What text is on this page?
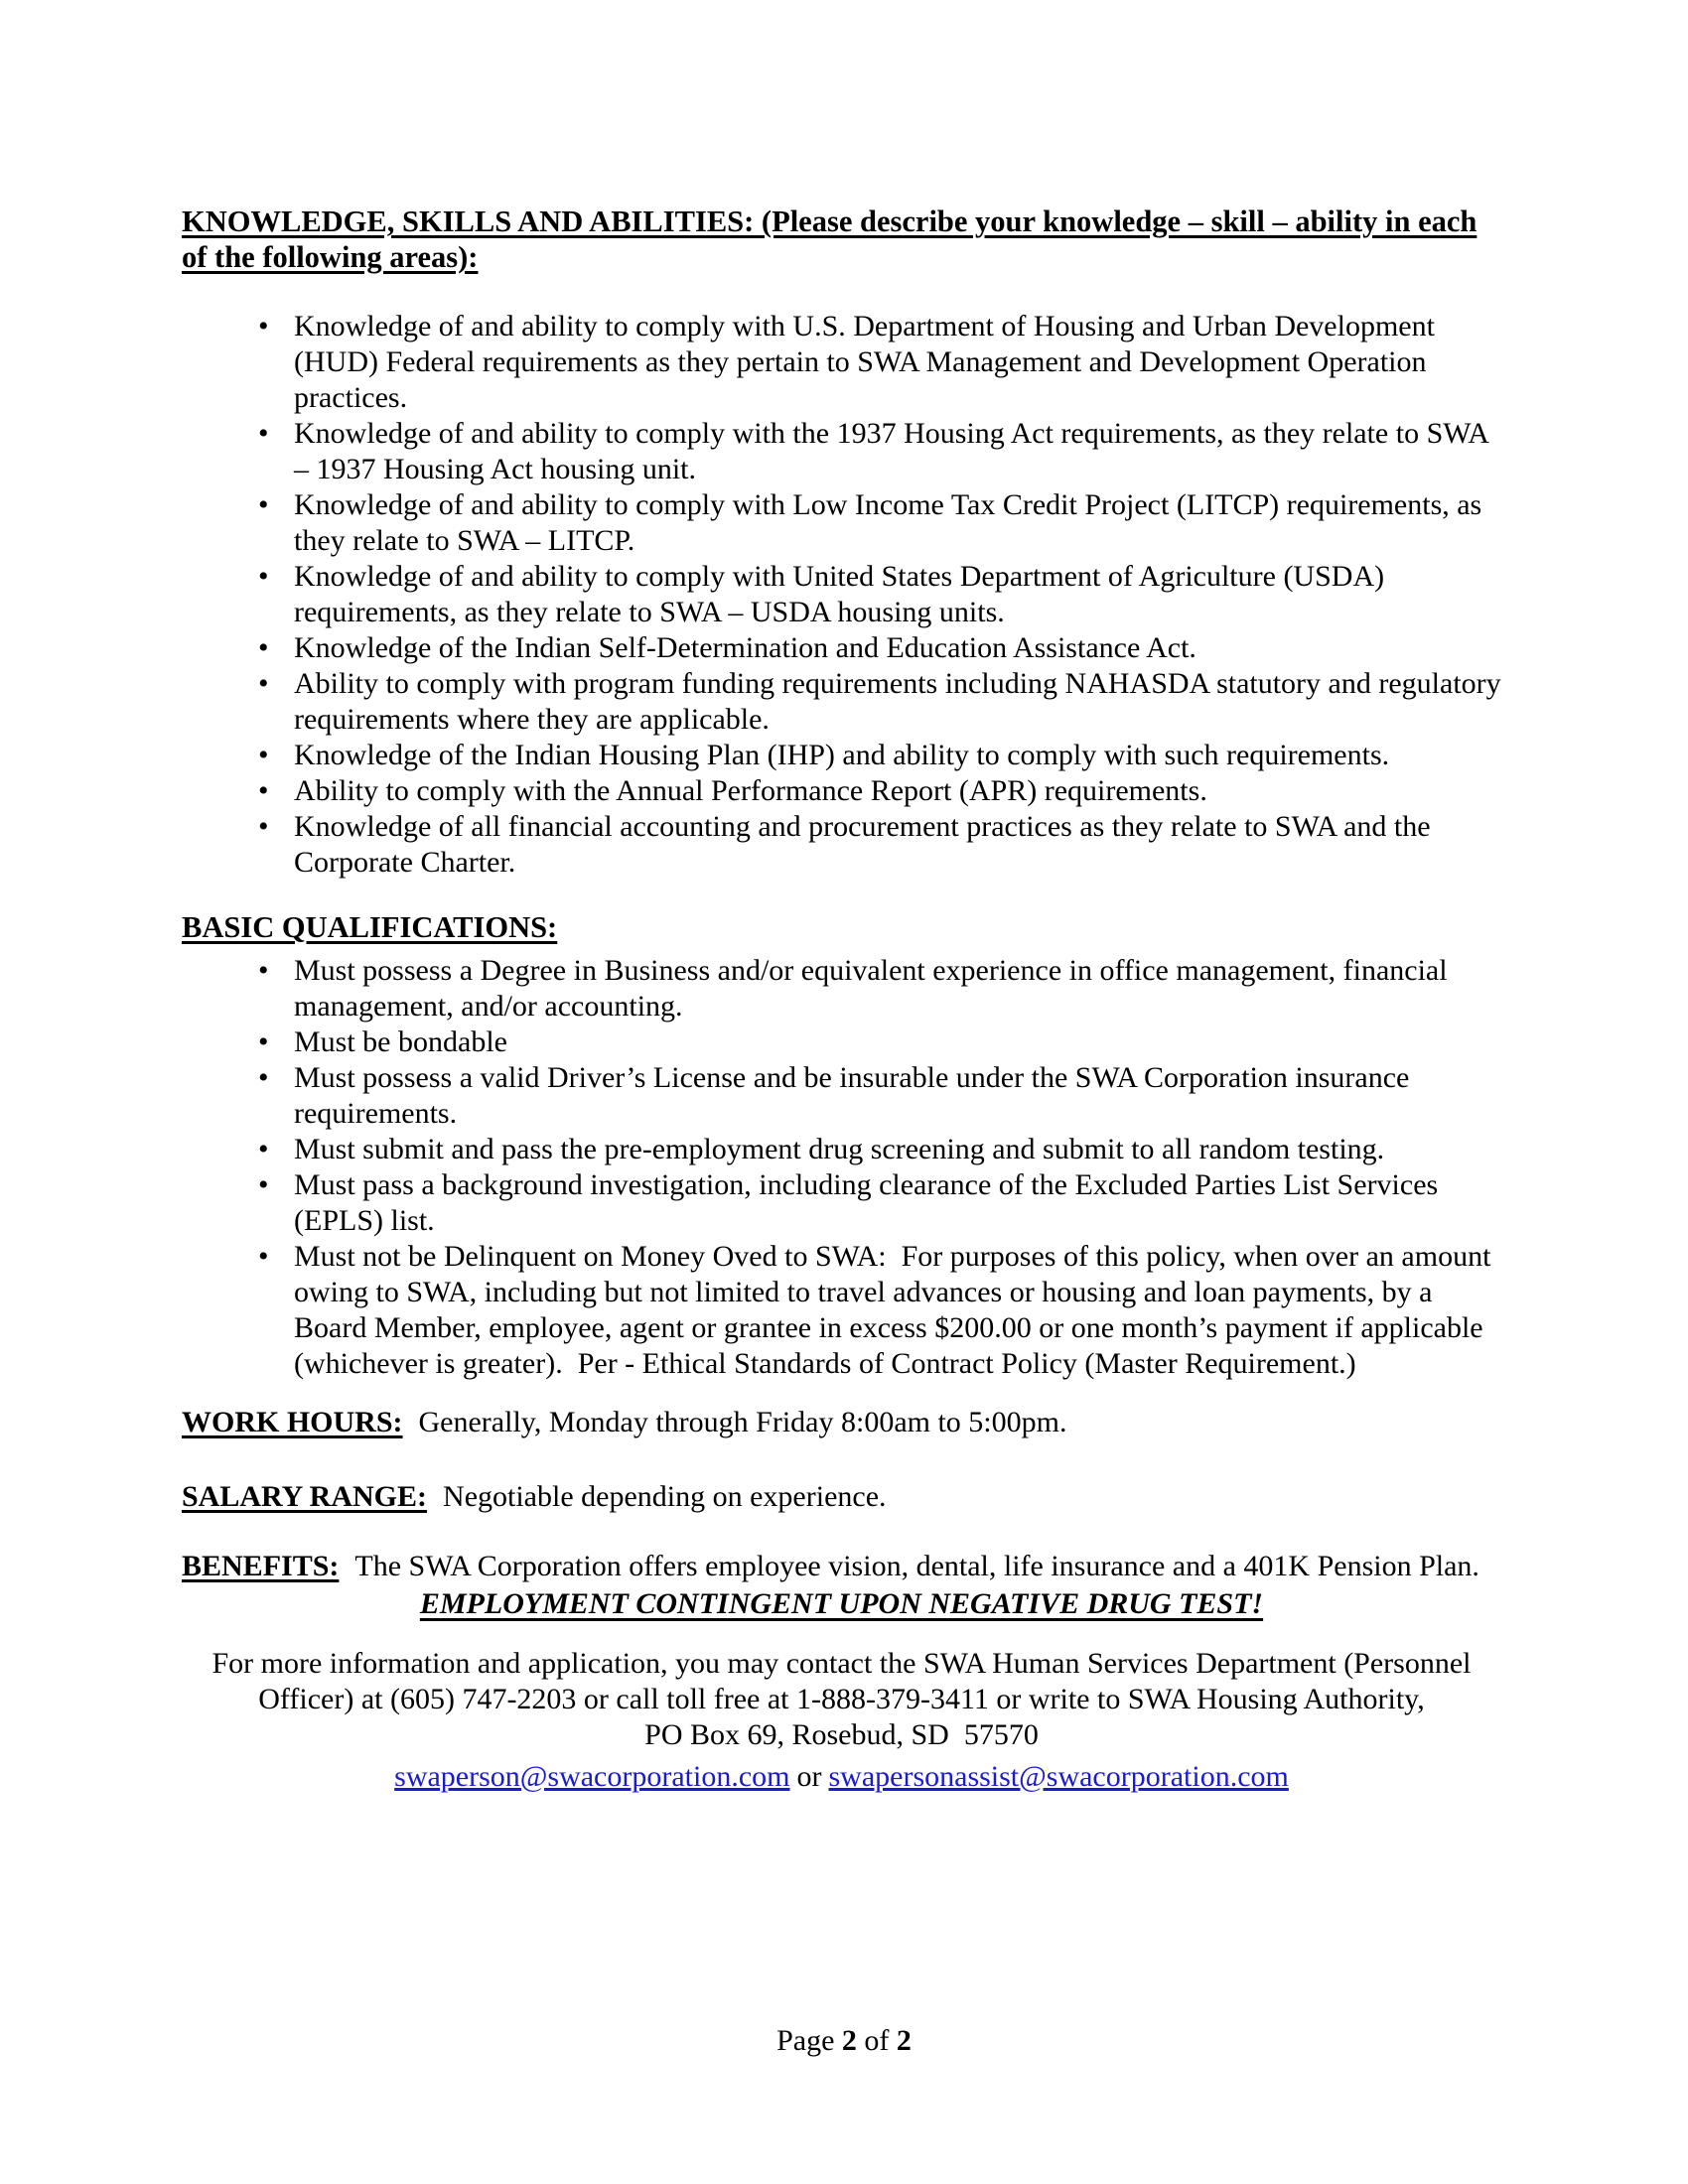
KNOWLEDGE, SKILLS AND ABILITIES: (Please describe your knowledge – skill – ability in each of the following areas):
• Knowledge of and ability to comply with U.S. Department of Housing and Urban Development (HUD) Federal requirements as they pertain to SWA Management and Development Operation practices.
• Knowledge of and ability to comply with the 1937 Housing Act requirements, as they relate to SWA – 1937 Housing Act housing unit.
• Knowledge of and ability to comply with Low Income Tax Credit Project (LITCP) requirements, as they relate to SWA – LITCP.
• Knowledge of and ability to comply with United States Department of Agriculture (USDA) requirements, as they relate to SWA – USDA housing units.
• Knowledge of the Indian Self-Determination and Education Assistance Act.
• Ability to comply with program funding requirements including NAHASDA statutory and regulatory requirements where they are applicable.
• Knowledge of the Indian Housing Plan (IHP) and ability to comply with such requirements.
• Ability to comply with the Annual Performance Report (APR) requirements.
• Knowledge of all financial accounting and procurement practices as they relate to SWA and the Corporate Charter.
BASIC QUALIFICATIONS:
• Must possess a Degree in Business and/or equivalent experience in office management, financial management, and/or accounting.
• Must be bondable
• Must possess a valid Driver’s License and be insurable under the SWA Corporation insurance requirements.
• Must submit and pass the pre-employment drug screening and submit to all random testing.
• Must pass a background investigation, including clearance of the Excluded Parties List Services (EPLS) list.
• Must not be Delinquent on Money Oved to SWA:  For purposes of this policy, when over an amount owing to SWA, including but not limited to travel advances or housing and loan payments, by a Board Member, employee, agent or grantee in excess $200.00 or one month’s payment if applicable (whichever is greater).  Per - Ethical Standards of Contract Policy (Master Requirement.)

WORK HOURS: Generally, Monday through Friday 8:00am to 5:00pm.

SALARY RANGE: Negotiable depending on experience.

BENEFITS: The SWA Corporation offers employee vision, dental, life insurance and a 401K Pension Plan.

EMPLOYMENT CONTINGENT UPON NEGATIVE DRUG TEST!

For more information and application, you may contact the SWA Human Services Department (Personnel Officer) at (605) 747-2203 or call toll free at 1-888-379-3411 or write to SWA Housing Authority,

PO Box 69, Rosebud, SD  57570

swaperson@swacorporation.com or swapersonassist@swacorporation.com

Page 2 of 2
